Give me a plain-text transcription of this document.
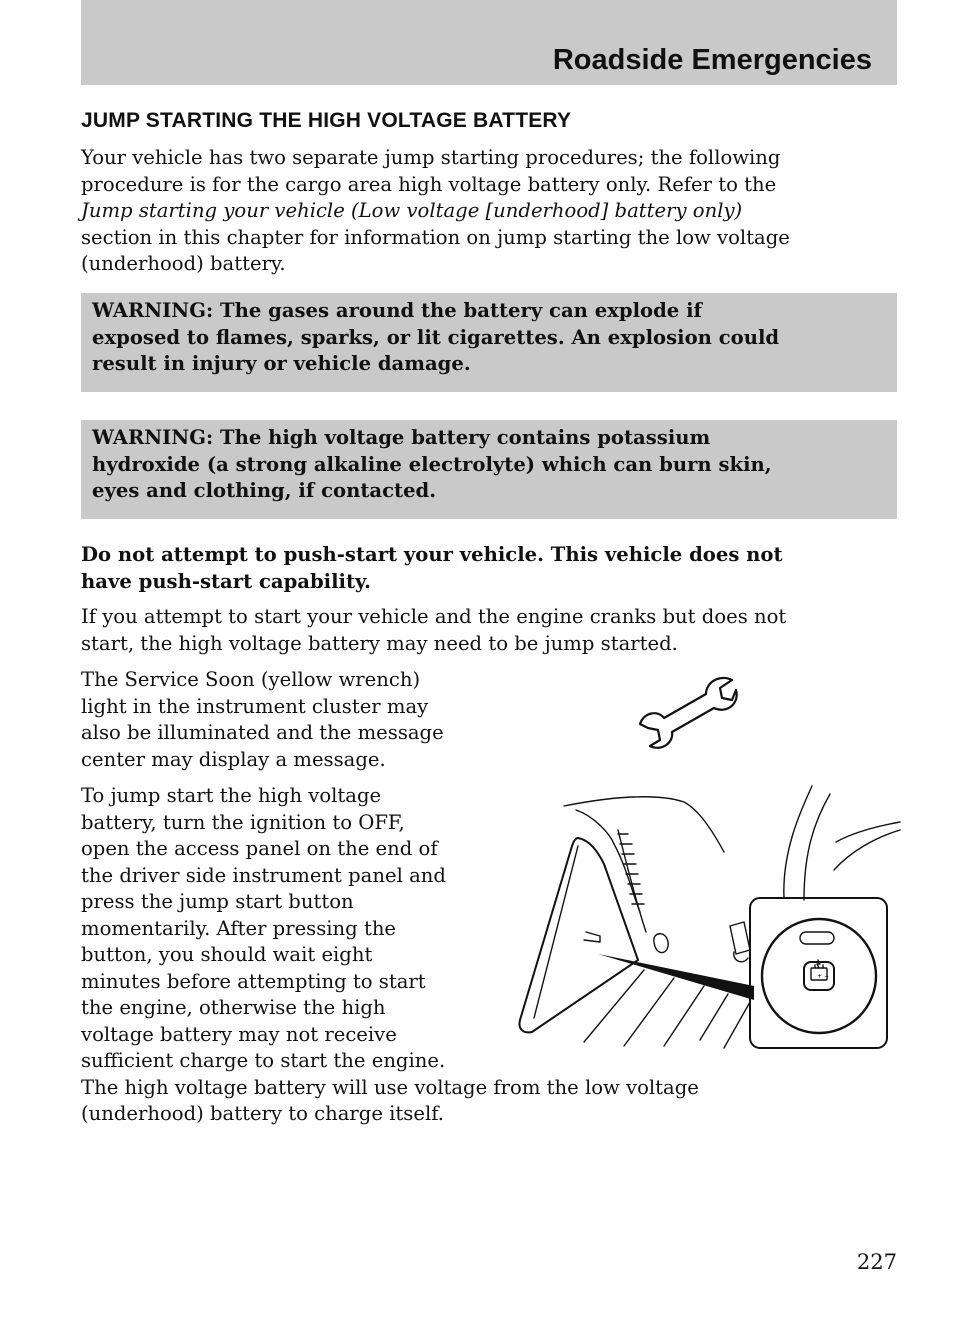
Roadside Emergencies
JUMP STARTING THE HIGH VOLTAGE BATTERY

Your vehicle has two separate jump starting procedures; the following
procedure is for the cargo area high voltage battery only. Refer to the
Jump starting your vehicle (Low voltage [underhood] battery only)
section in this chapter for information on jump starting the low voltage
(underhood) battery.

WARNING: The gases around the battery can explode if
exposed to flames, sparks, or lit cigarettes. An explosion could
result in injury or vehicle damage.

WARNING: The high voltage battery contains potassium
hydroxide (a strong alkaline electrolyte) which can burn skin,
eyes and clothing, if contacted.

Do not attempt to push-start your vehicle. This vehicle does not
have push-start capability.

If you attempt to start your vehicle and the engine cranks but does not
start, the high voltage battery may need to be jump started.

The Service Soon (yellow wrench)
light in the instrument cluster may
also be illuminated and the message
center may display a message.

To jump start the high voltage
battery, turn the ignition to OFF,
open the access panel on the end of
the driver side instrument panel and
press the jump start button
momentarily. After pressing the
button, you should wait eight
minutes before attempting to start
the engine, otherwise the high
voltage battery may not receive
sufficient charge to start the engine.
The high voltage battery will use voltage from the low voltage
(underhood) battery to charge itself.

+ −
227
